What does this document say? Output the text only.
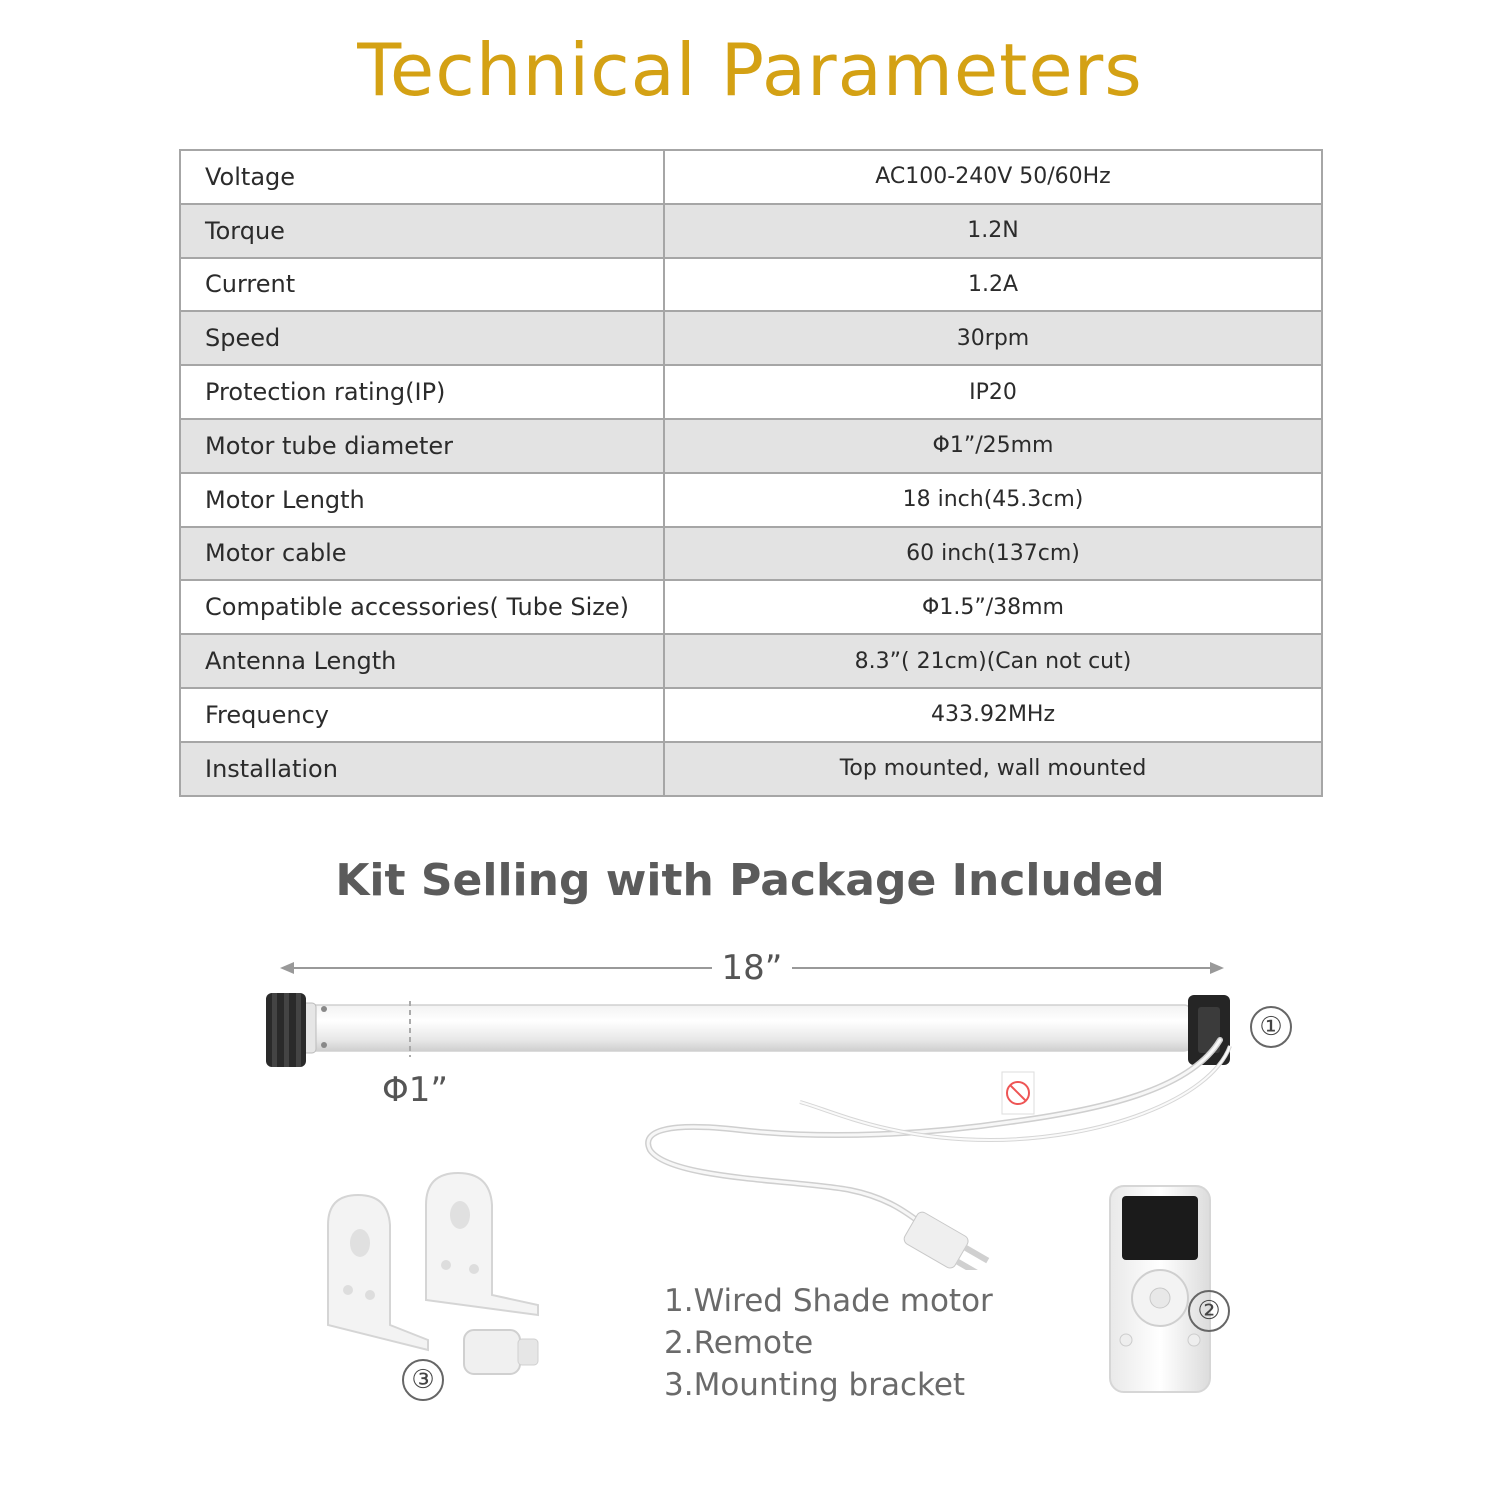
Technical Parameters
Voltage	AC100-240V 50/60Hz
Torque	1.2N
Current	1.2A
Speed	30rpm
Protection rating(IP)	IP20
Motor tube diameter	Φ1”/25mm
Motor Length	18 inch(45.3cm)
Motor cable	60 inch(137cm)
Compatible accessories( Tube Size)	Φ1.5”/38mm
Antenna Length	8.3”( 21cm)(Can not cut)
Frequency	433.92MHz
Installation	Top mounted, wall mounted
Kit Selling with Package Included
18”
Φ1”
①
③
②
1.Wired Shade motor
2.Remote
3.Mounting bracket
